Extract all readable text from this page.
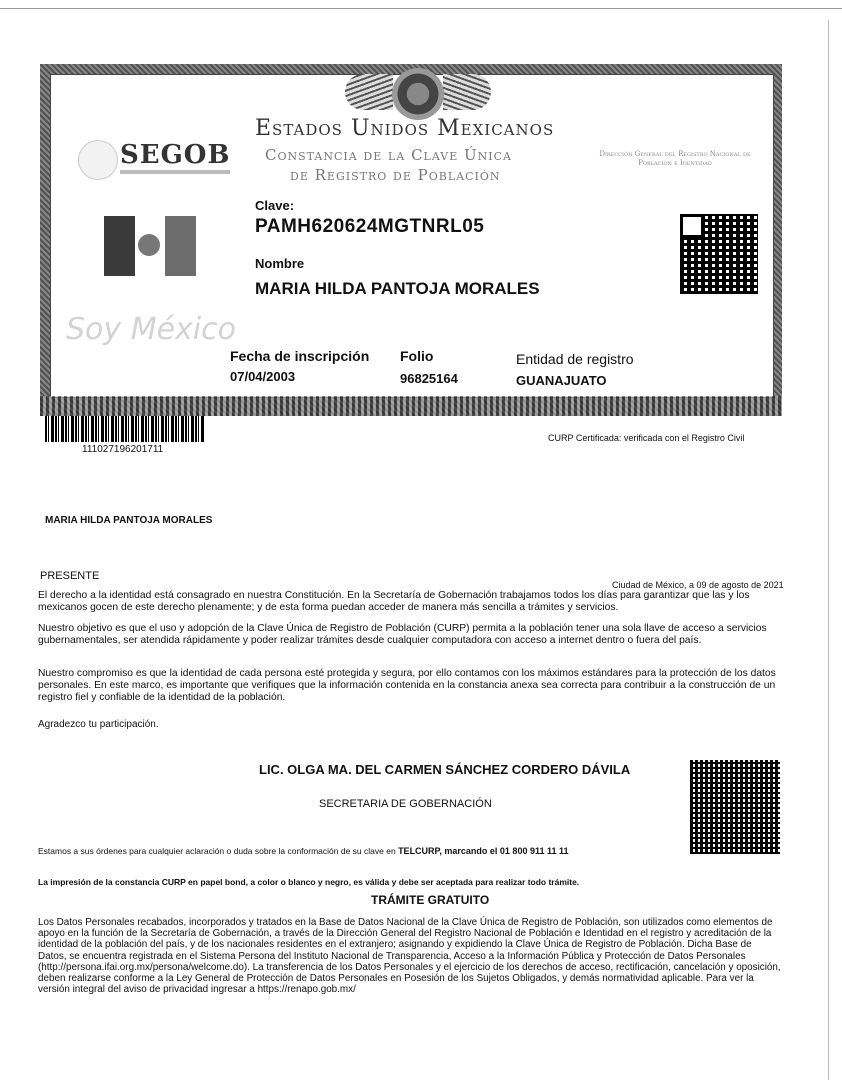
SEGOB
Estados Unidos Mexicanos
Constancia de la Clave Única
de Registro de Población
Dirección General del Registro Nacional de Población e Identidad
Soy México
Clave:
PAMH620624MGTNRL05
Nombre
MARIA HILDA PANTOJA MORALES
Fecha de inscripción
07/04/2003
Folio
96825164
Entidad de registro
GUANAJUATO
111027196201711
CURP Certificada: verificada con el Registro Civil
MARIA HILDA PANTOJA MORALES
PRESENTE
Ciudad de México, a 09 de agosto de 2021
El derecho a la identidad está consagrado en nuestra Constitución. En la Secretaría de Gobernación trabajamos todos los días para garantizar que las y los mexicanos gocen de este derecho plenamente; y de esta forma puedan acceder de manera más sencilla a trámites y servicios.
Nuestro objetivo es que el uso y adopción de la Clave Única de Registro de Población (CURP) permita a la población tener una sola llave de acceso a servicios gubernamentales, ser atendida rápidamente y poder realizar trámites desde cualquier computadora con acceso a internet dentro o fuera del país.
Nuestro compromiso es que la identidad de cada persona esté protegida y segura, por ello contamos con los máximos estándares para la protección de los datos personales. En este marco, es importante que verifiques que la información contenida en la constancia anexa sea correcta para contribuir a la construcción de un registro fiel y confiable de la identidad de la población.
Agradezco tu participación.
LIC. OLGA MA. DEL CARMEN SÁNCHEZ CORDERO DÁVILA
SECRETARIA DE GOBERNACIÓN
Estamos a sus órdenes para cualquier aclaración o duda sobre la conformación de su clave en TELCURP, marcando el 01 800 911 11 11
La impresión de la constancia CURP en papel bond, a color o blanco y negro, es válida y debe ser aceptada para realizar todo trámite.
TRÁMITE GRATUITO
Los Datos Personales recabados, incorporados y tratados en la Base de Datos Nacional de la Clave Única de Registro de Población, son utilizados como elementos de apoyo en la función de la Secretaría de Gobernación, a través de la Dirección General del Registro Nacional de Población e Identidad en el registro y acreditación de la identidad de la población del país, y de los nacionales residentes en el extranjero; asignando y expidiendo la Clave Única de Registro de Población. Dicha Base de Datos, se encuentra registrada en el Sistema Persona del Instituto Nacional de Transparencia, Acceso a la Información Pública y Protección de Datos Personales (http://persona.ifai.org.mx/persona/welcome.do). La transferencia de los Datos Personales y el ejercicio de los derechos de acceso, rectificación, cancelación y oposición, deben realizarse conforme a la Ley General de Protección de Datos Personales en Posesión de los Sujetos Obligados, y demás normatividad aplicable. Para ver la versión integral del aviso de privacidad ingresar a https://renapo.gob.mx/
